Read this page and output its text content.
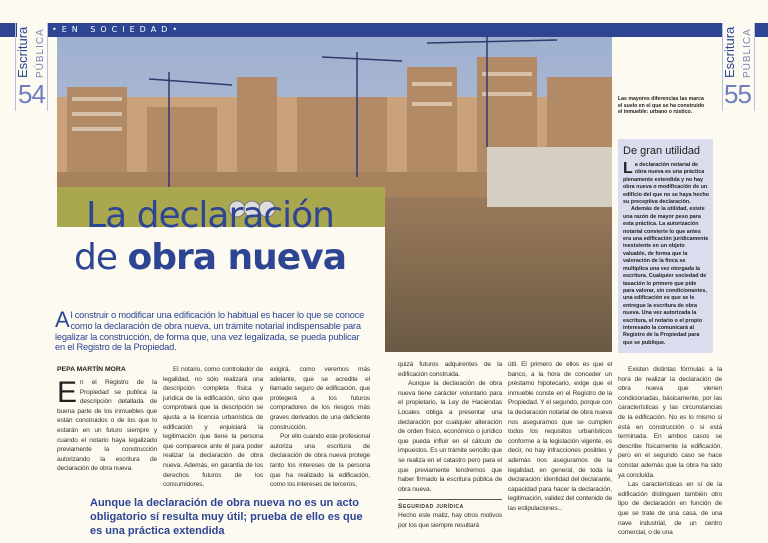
•EN SOCIEDAD•
Escritura PÚBLICA
54
Escritura PÚBLICA
55
La declaración
de obra nueva
Al construir o modificar una edificación lo habitual es hacer lo que se conoce como la declaración de obra nueva, un trámite notarial indispensable para legalizar la construcción, de forma que, una vez legalizada, se pueda publicar en el Registro de la Propiedad.
PEPA MARTÍN MORA
E n el Registro de la Propiedad se publica la descripción detallada de buena parte de los inmuebles que están construidos o de los que lo estarán en un futuro siempre y cuando el notario haya legalizado previamente la construcción autorizando la escritura de declaración de obra nueva.

El notario, como controlador de legalidad, no sólo realizará una descripción completa física y jurídica de la edificación, sino que comprobará que la descripción se ajusta a la licencia urbanística de edificación y enjuiciará la legitimación que tiene la persona que comparece ante él para poder realizar la declaración de obra nueva. Además, en garantía de los derechos futuros de los consumidores,

exigirá, como veremos más adelante, que se acredite el llamado seguro de edificación, que protegerá a los futuros compradores de los riesgos más graves derivados de una deficiente construcción.

Por ello cuando este profesional autoriza una escritura de declaración de obra nueva protege tanto los intereses de la persona que ha realizado la edificación, como los intereses de terceros,

Aunque la declaración de obra nueva no es un acto obligatorio sí resulta muy útil; prueba de ello es que es una práctica extendida

quizá futuros adquirentes de la edificación construida.

Aunque la declaración de obra nueva tiene carácter voluntario para el propietario, la Ley de Haciendas Locales obliga a presentar una declaración por cualquier alteración de orden físico, económico o jurídico que pueda influir en el cálculo de impuestos. Es un trámite sencillo que se realiza en el catastro pero para el que previamente tendremos que haber firmado la escritura pública de obra nueva.

Seguridad jurídica

Hecho este matiz, hay otros motivos por los que siempre resultará

útil. El primero de ellos es que el banco, a la hora de conceder un préstamo hipotecario, exige que el inmueble conste en el Registro de la Propiedad. Y el segundo, porque con la declaración notarial de obra nueva nos aseguramos que se cumplen todos los requisitos urbanísticos conforme a la legislación vigente, es decir, no hay infracciones posibles y además nos aseguramos de la legalidad, en general, de toda la declaración: identidad del declarante, capacidad para hacer la declaración, legitimación, validez del contenido de las estipulaciones...

Existen distintas fórmulas a la hora de realizar la declaración de obra nueva que vienen condicionadas, básicamente, por las características y las circunstancias de la edificación. No es lo mismo si está en construcción o si está terminada. En ambos casos se describe físicamente la edificación, pero en el segundo caso se hace constar además que la obra ha sido ya concluida.

Las características en sí de la edificación distinguen también otro tipo de declaración en función de que se trate de una casa, de una nave industrial, de un centro comercial, o de una

Las mayores diferencias las marca el suelo en el que se ha construido el inmueble: urbano o rústico.
De gran utilidad

La declaración notarial de obra nueva es una práctica plenamente extendida y no hay obra nueva o modificación de un edificio del que no se haya hecho su preceptiva declaración.

Además de la utilidad, existe una razón de mayor peso para esta práctica. La autorización notarial convierte lo que antes era una edificación jurídicamente inexistente en un objeto valuable, de forma que la valoración de la finca se multiplica una vez otorgada la escritura. Cualquier sociedad de tasación lo primero que pide para valorar, sin condicionantes, una edificación es que se le entregue la escritura de obra nueva. Una vez autorizada la escritura, el notario o el propio interesado la comunicará al Registro de la Propiedad para que se publique.
